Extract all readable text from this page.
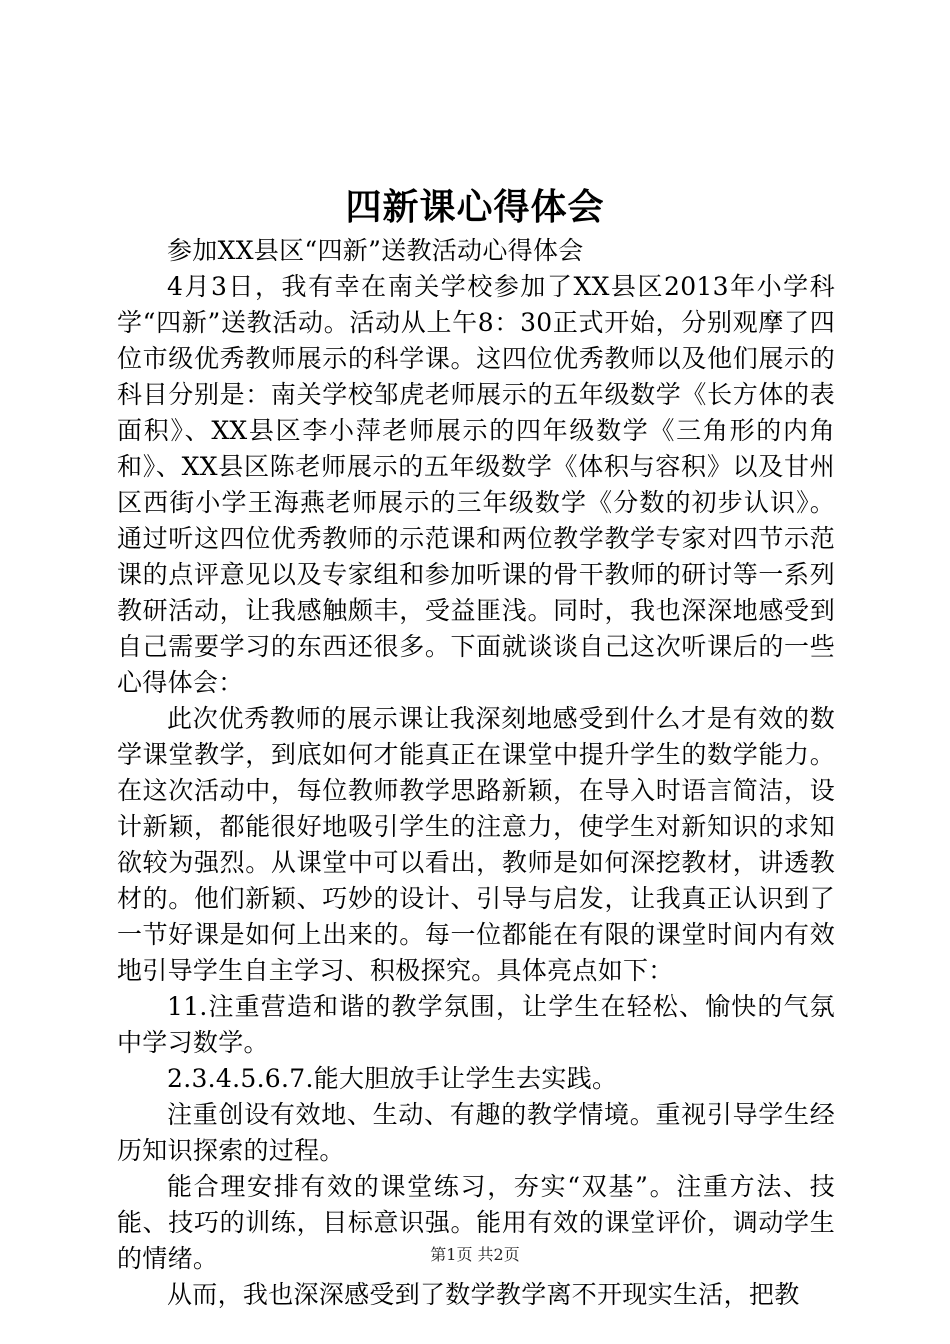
四新课心得体会

参加XX县区“四新”送教活动心得体会

4月3日，我有幸在南关学校参加了XX县区2013年小学科学“四新”送教活动。活动从上午8：30正式开始，分别观摩了四位市级优秀教师展示的科学课。这四位优秀教师以及他们展示的科目分别是：南关学校邹虎老师展示的五年级数学《长方体的表面积》、XX县区李小萍老师展示的四年级数学《三角形的内角和》、XX县区陈老师展示的五年级数学《体积与容积》以及甘州区西街小学王海燕老师展示的三年级数学《分数的初步认识》。通过听这四位优秀教师的示范课和两位教学教学专家对四节示范课的点评意见以及专家组和参加听课的骨干教师的研讨等一系列教研活动，让我感触颇丰，受益匪浅。同时，我也深深地感受到自己需要学习的东西还很多。下面就谈谈自己这次听课后的一些心得体会：

此次优秀教师的展示课让我深刻地感受到什么才是有效的数学课堂教学，到底如何才能真正在课堂中提升学生的数学能力。在这次活动中，每位教师教学思路新颖，在导入时语言简洁，设计新颖，都能很好地吸引学生的注意力，使学生对新知识的求知欲较为强烈。从课堂中可以看出，教师是如何深挖教材，讲透教材的。他们新颖、巧妙的设计、引导与启发，让我真正认识到了一节好课是如何上出来的。每一位都能在有限的课堂时间内有效地引导学生自主学习、积极探究。具体亮点如下：

11.注重营造和谐的教学氛围，让学生在轻松、愉快的气氛中学习数学。

2.3.4.5.6.7.能大胆放手让学生去实践。

注重创设有效地、生动、有趣的教学情境。重视引导学生经历知识探索的过程。

能合理安排有效的课堂练习，夯实“双基”。注重方法、技能、技巧的训练，目标意识强。能用有效的课堂评价，调动学生的情绪。

从而，我也深深感受到了数学教学离不开现实生活，把教

第1页 共2页
